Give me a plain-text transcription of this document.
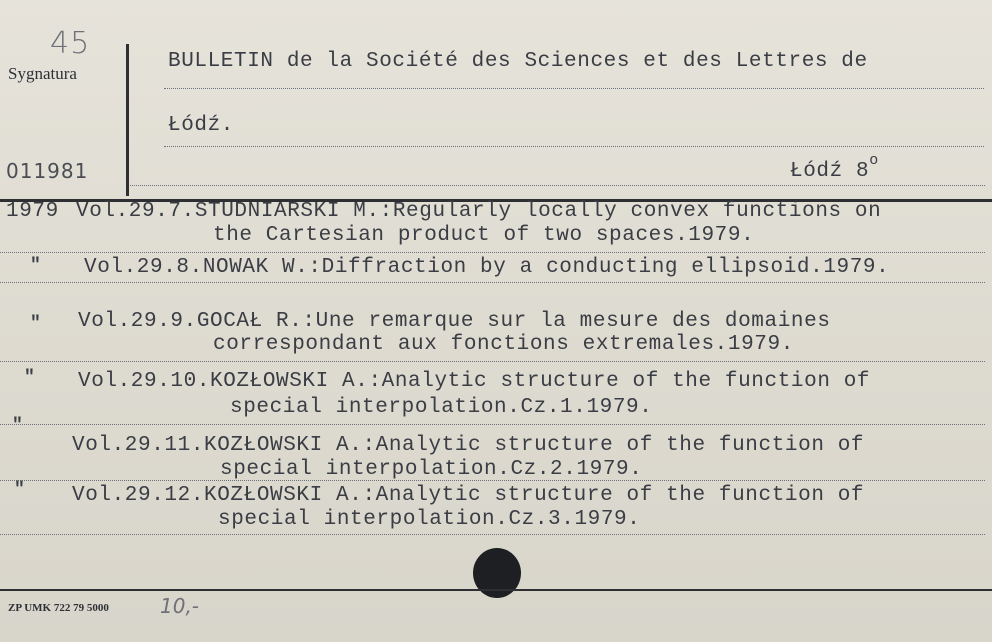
45
Sygnatura
011981
BULLETIN de la Société des Sciences et des Lettres de
Łódź.
Łódź 8$^o$
1979 Vol.29.7.STUDNIARSKI M.:Regularly locally convex functions on
the Cartesian product of two spaces.1979.
" Vol.29.8.NOWAK W.:Diffraction by a conducting ellipsoid.1979.
" Vol.29.9.GOCAŁ R.:Une remarque sur la mesure des domaines
correspondant aux fonctions extremales.1979.
" Vol.29.10.KOZŁOWSKI A.:Analytic structure of the function of
special interpolation.Cz.1.1979.
"
Vol.29.11.KOZŁOWSKI A.:Analytic structure of the function of
special interpolation.Cz.2.1979.
" Vol.29.12.KOZŁOWSKI A.:Analytic structure of the function of
special interpolation.Cz.3.1979.
ZP UMK 722 79 5000	10,-
